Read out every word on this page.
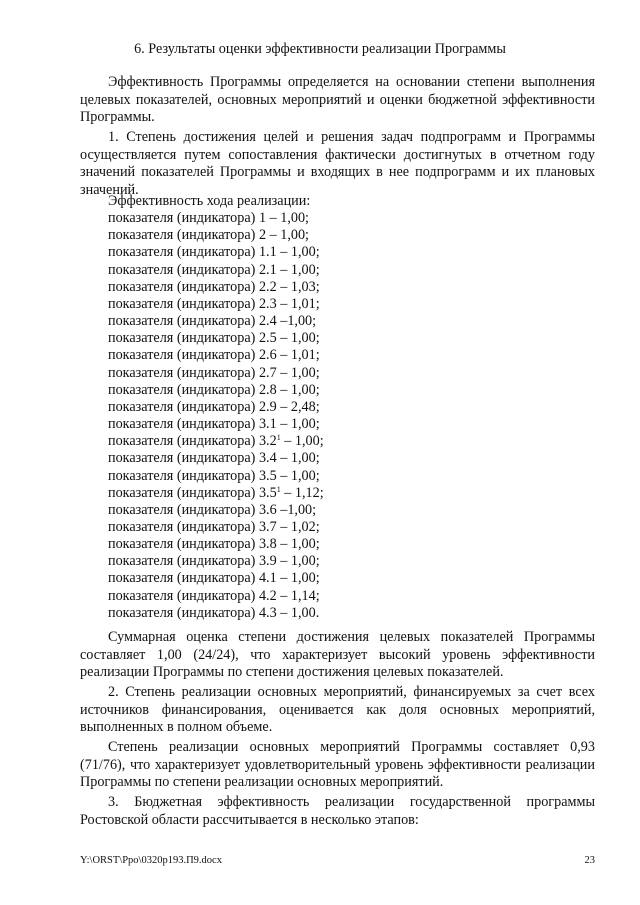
6. Результаты оценки эффективности реализации Программы

Эффективность Программы определяется на основании степени выполнения целевых показателей, основных мероприятий и оценки бюджетной эффективности Программы.

1. Степень достижения целей и решения задач подпрограмм и Программы осуществляется путем сопоставления фактически достигнутых в отчетном году значений показателей Программы и входящих в нее подпрограмм и их плановых значений.

Эффективность хода реализации:
показателя (индикатора) 1 – 1,00;
показателя (индикатора) 2 – 1,00;
показателя (индикатора) 1.1 – 1,00;
показателя (индикатора) 2.1 – 1,00;
показателя (индикатора) 2.2 – 1,03;
показателя (индикатора) 2.3 – 1,01;
показателя (индикатора) 2.4 –1,00;
показателя (индикатора) 2.5 – 1,00;
показателя (индикатора) 2.6 – 1,01;
показателя (индикатора) 2.7 – 1,00;
показателя (индикатора) 2.8 – 1,00;
показателя (индикатора) 2.9 – 2,48;
показателя (индикатора) 3.1 – 1,00;
показателя (индикатора) $3.2^1 - 1,00$;
показателя (индикатора) 3.4 – 1,00;
показателя (индикатора) 3.5 – 1,00;
показателя (индикатора) $3.5^1 - 1,12$;
показателя (индикатора) 3.6 –1,00;
показателя (индикатора) 3.7 – 1,02;
показателя (индикатора) 3.8 – 1,00;
показателя (индикатора) 3.9 – 1,00;
показателя (индикатора) 4.1 – 1,00;
показателя (индикатора) 4.2 – 1,14;
показателя (индикатора) 4.3 – 1,00.

Суммарная оценка степени достижения целевых показателей Программы составляет 1,00 (24/24), что характеризует высокий уровень эффективности реализации Программы по степени достижения целевых показателей.

2. Степень реализации основных мероприятий, финансируемых за счет всех источников финансирования, оценивается как доля основных мероприятий, выполненных в полном объеме.

Степень реализации основных мероприятий Программы составляет 0,93 (71/76), что характеризует удовлетворительный уровень эффективности реализации Программы по степени реализации основных мероприятий.

3. Бюджетная эффективность реализации государственной программы Ростовской области рассчитывается в несколько этапов:

Y:\ORST\Ppo\0320p193.П9.docx	23
